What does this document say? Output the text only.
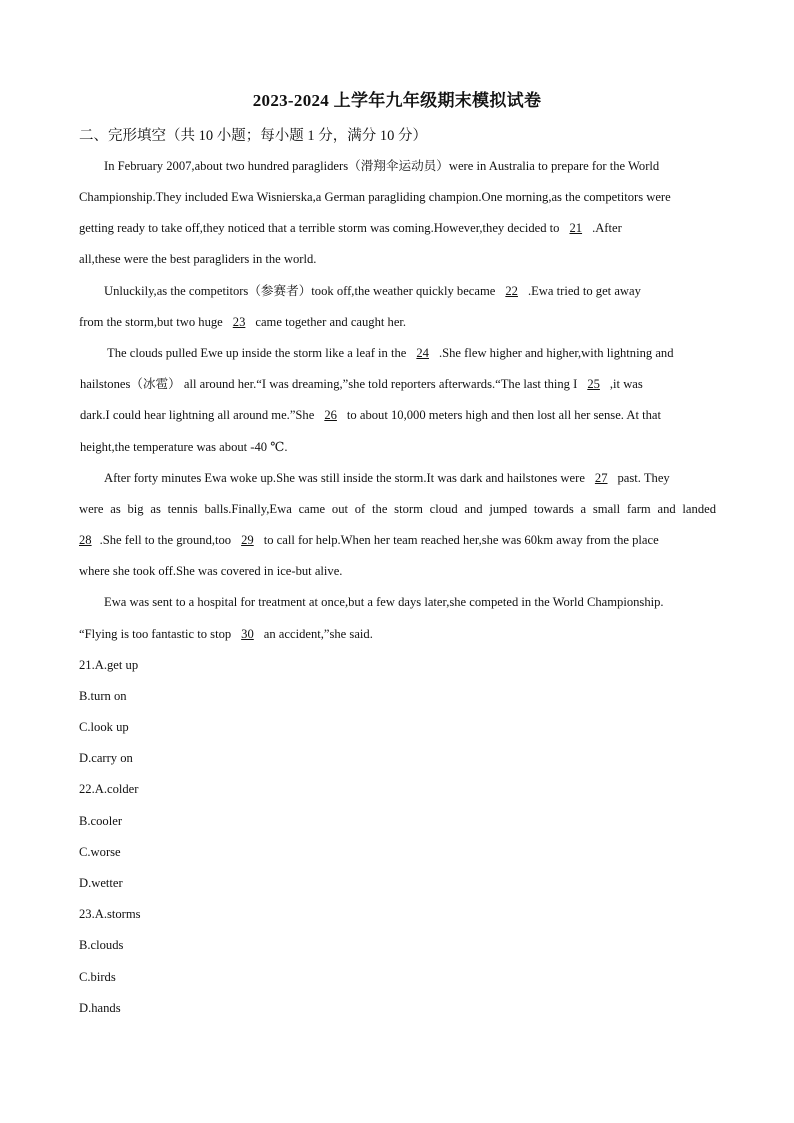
2023-2024 上学年九年级期末模拟试卷
二、完形填空（共 10 小题；每小题 1 分，满分 10 分）
In February 2007,about two hundred paragliders（滑翔伞运动员）were in Australia to prepare for the World
Championship.They included Ewa Wisnierska,a German paragliding champion.One morning,as the competitors were
getting ready to take off,they noticed that a terrible storm was coming.However,they decided to 21 .After
all,these were the best paragliders in the world.
Unluckily,as the competitors（参赛者）took off,the weather quickly became 22 .Ewa tried to get away
from the storm,but two huge 23 came together and caught her.
The clouds pulled Ewe up inside the storm like a leaf in the 24 .She flew higher and higher,with lightning and
hailstones（冰雹） all around her.“I was dreaming,”she told reporters afterwards.“The last thing I 25 ,it was
dark.I could hear lightning all around me.”She 26 to about 10,000 meters high and then lost all her sense. At that
height,the temperature was about -40 ℃.
After forty minutes Ewa woke up.She was still inside the storm.It was dark and hailstones were 27 past. They
were as big as tennis balls.Finally,Ewa came out of the storm cloud and jumped towards a small farm and landed
28 .She fell to the ground,too 29 to call for help.When her team reached her,she was 60km away from the place
where she took off.She was covered in ice-but alive.
Ewa was sent to a hospital for treatment at once,but a few days later,she competed in the World Championship.
“Flying is too fantastic to stop 30 an accident,”she said.
21.A.get up
B.turn on
C.look up
D.carry on
22.A.colder
B.cooler
C.worse
D.wetter
23.A.storms
B.clouds
C.birds
D.hands
